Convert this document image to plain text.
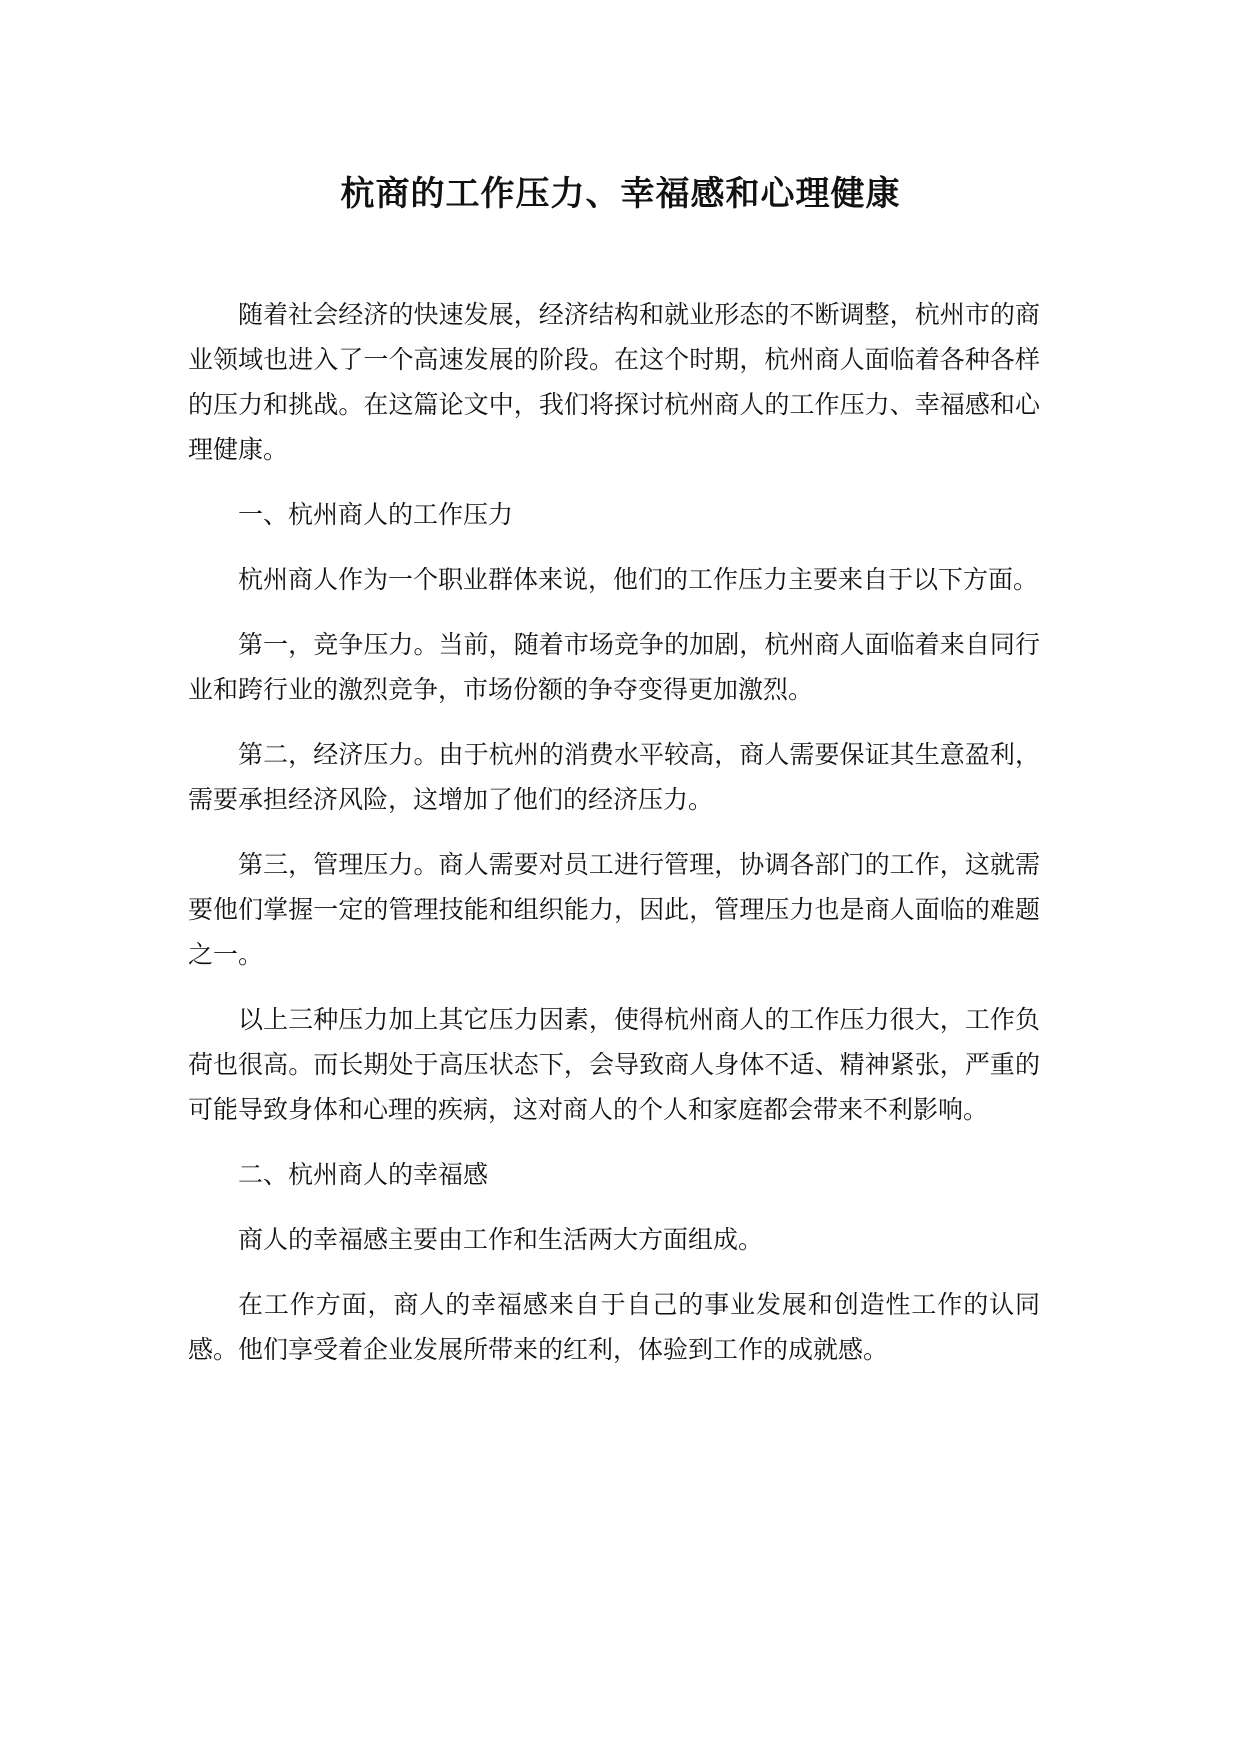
杭商的工作压力、幸福感和心理健康

随着社会经济的快速发展，经济结构和就业形态的不断调整，杭州市的商业领域也进入了一个高速发展的阶段。在这个时期，杭州商人面临着各种各样的压力和挑战。在这篇论文中，我们将探讨杭州商人的工作压力、幸福感和心理健康。

一、杭州商人的工作压力

杭州商人作为一个职业群体来说，他们的工作压力主要来自于以下方面。

第一，竞争压力。当前，随着市场竞争的加剧，杭州商人面临着来自同行业和跨行业的激烈竞争，市场份额的争夺变得更加激烈。

第二，经济压力。由于杭州的消费水平较高，商人需要保证其生意盈利，需要承担经济风险，这增加了他们的经济压力。

第三，管理压力。商人需要对员工进行管理，协调各部门的工作，这就需要他们掌握一定的管理技能和组织能力，因此，管理压力也是商人面临的难题之一。

以上三种压力加上其它压力因素，使得杭州商人的工作压力很大，工作负荷也很高。而长期处于高压状态下，会导致商人身体不适、精神紧张，严重的可能导致身体和心理的疾病，这对商人的个人和家庭都会带来不利影响。

二、杭州商人的幸福感

商人的幸福感主要由工作和生活两大方面组成。

在工作方面，商人的幸福感来自于自己的事业发展和创造性工作的认同感。他们享受着企业发展所带来的红利，体验到工作的成就感。
